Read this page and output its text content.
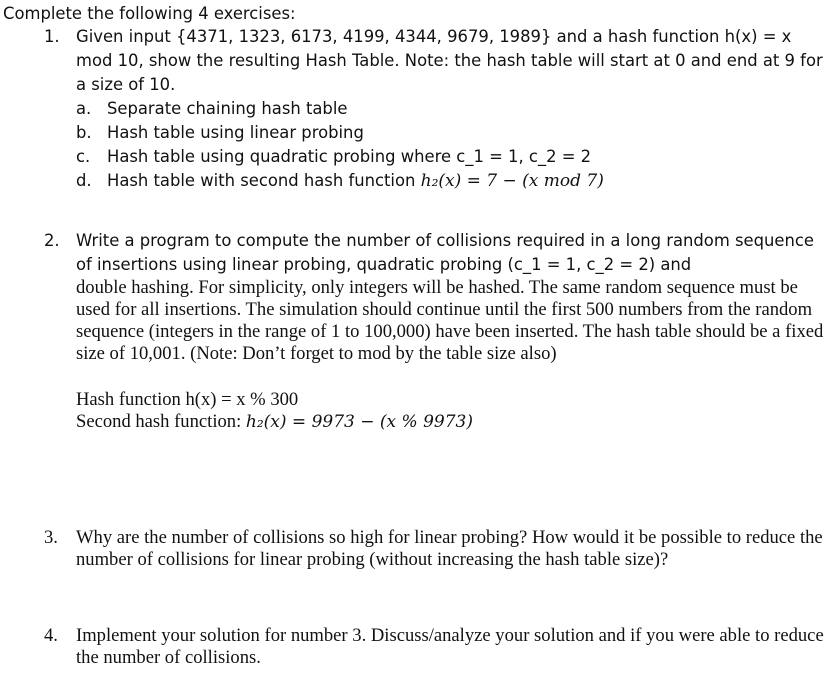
Complete the following 4 exercises:
1. Given input {4371, 1323, 6173, 4199, 4344, 9679, 1989} and a hash function h(x) = x mod 10, show the resulting Hash Table. Note: the hash table will start at 0 and end at 9 for a size of 10.
a. Separate chaining hash table
b. Hash table using linear probing
c. Hash table using quadratic probing where c_1 = 1, c_2 = 2
d. Hash table with second hash function h₂(x) = 7 − (x mod 7)
2. Write a program to compute the number of collisions required in a long random sequence of insertions using linear probing, quadratic probing (c_1 = 1, c_2 = 2) and
double hashing. For simplicity, only integers will be hashed. The same random sequence must be used for all insertions. The simulation should continue until the first 500 numbers from the random sequence (integers in the range of 1 to 100,000) have been inserted. The hash table should be a fixed size of 10,001. (Note: Don’t forget to mod by the table size also)
Hash function h(x) = x % 300
Second hash function: h₂(x) = 9973 − (x % 9973)
3. Why are the number of collisions so high for linear probing? How would it be possible to reduce the number of collisions for linear probing (without increasing the hash table size)?
4. Implement your solution for number 3. Discuss/analyze your solution and if you were able to reduce the number of collisions.
